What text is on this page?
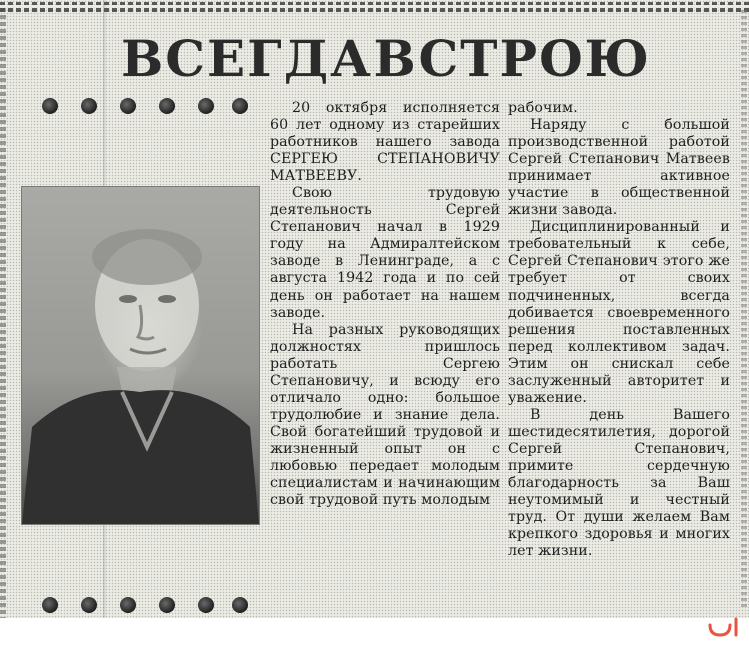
ВСЕГДА В СТРОЮ

20 октября исполняется 60 лет одному из старейших работников нашего завода СЕРГЕЮ СТЕПАНОВИЧУ МАТВЕЕВУ.

Свою трудовую деятельность Сергей Степанович начал в 1929 году на Адмиралтейском заводе в Ленинграде, а с августа 1942 года и по сей день он работает на нашем заводе.

На разных руководящих должностях пришлось работать Сергею Степановичу, и всюду его отличало одно: большое трудолюбие и знание дела. Свой богатейший трудовой и жизненный опыт он с любовью передает молодым специалистам и начинающим свой трудовой путь молодым

рабочим.

Наряду с большой производственной работой Сергей Степанович Матвеев принимает активное участие в общественной жизни завода.

Дисциплинированный и требовательный к себе, Сергей Степанович этого же требует от своих подчиненных, всегда добивается своевременного решения поставленных перед коллективом задач. Этим он снискал себе заслуженный авторитет и уважение.

В день Вашего шестидесятилетия, дорогой Сергей Степанович, примите сердечную благодарность за Ваш неутомимый и честный труд. От души желаем Вам крепкого здоровья и многих лет жизни.
